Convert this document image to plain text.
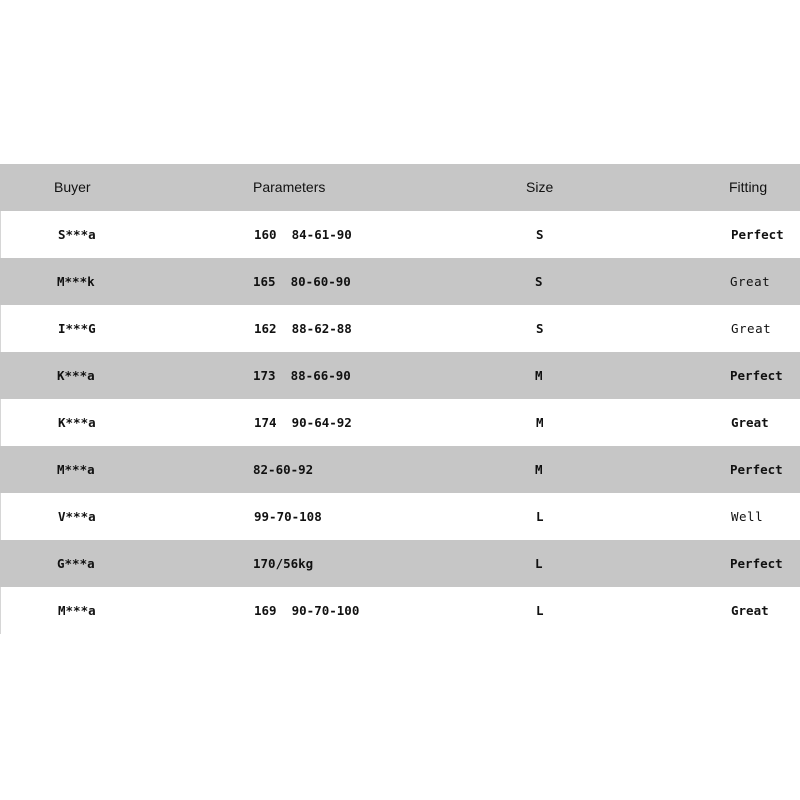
Buyer	Parameters	Size	Fitting
S***a	160  84-61-90	S	Perfect
M***k	165  80-60-90	S	Great
I***G	162  88-62-88	S	Great
K***a	173  88-66-90	M	Perfect
K***a	174  90-64-92	M	Great
M***a	82-60-92	M	Perfect
V***a	99-70-108	L	Well
G***a	170/56kg	L	Perfect
M***a	169  90-70-100	L	Great
